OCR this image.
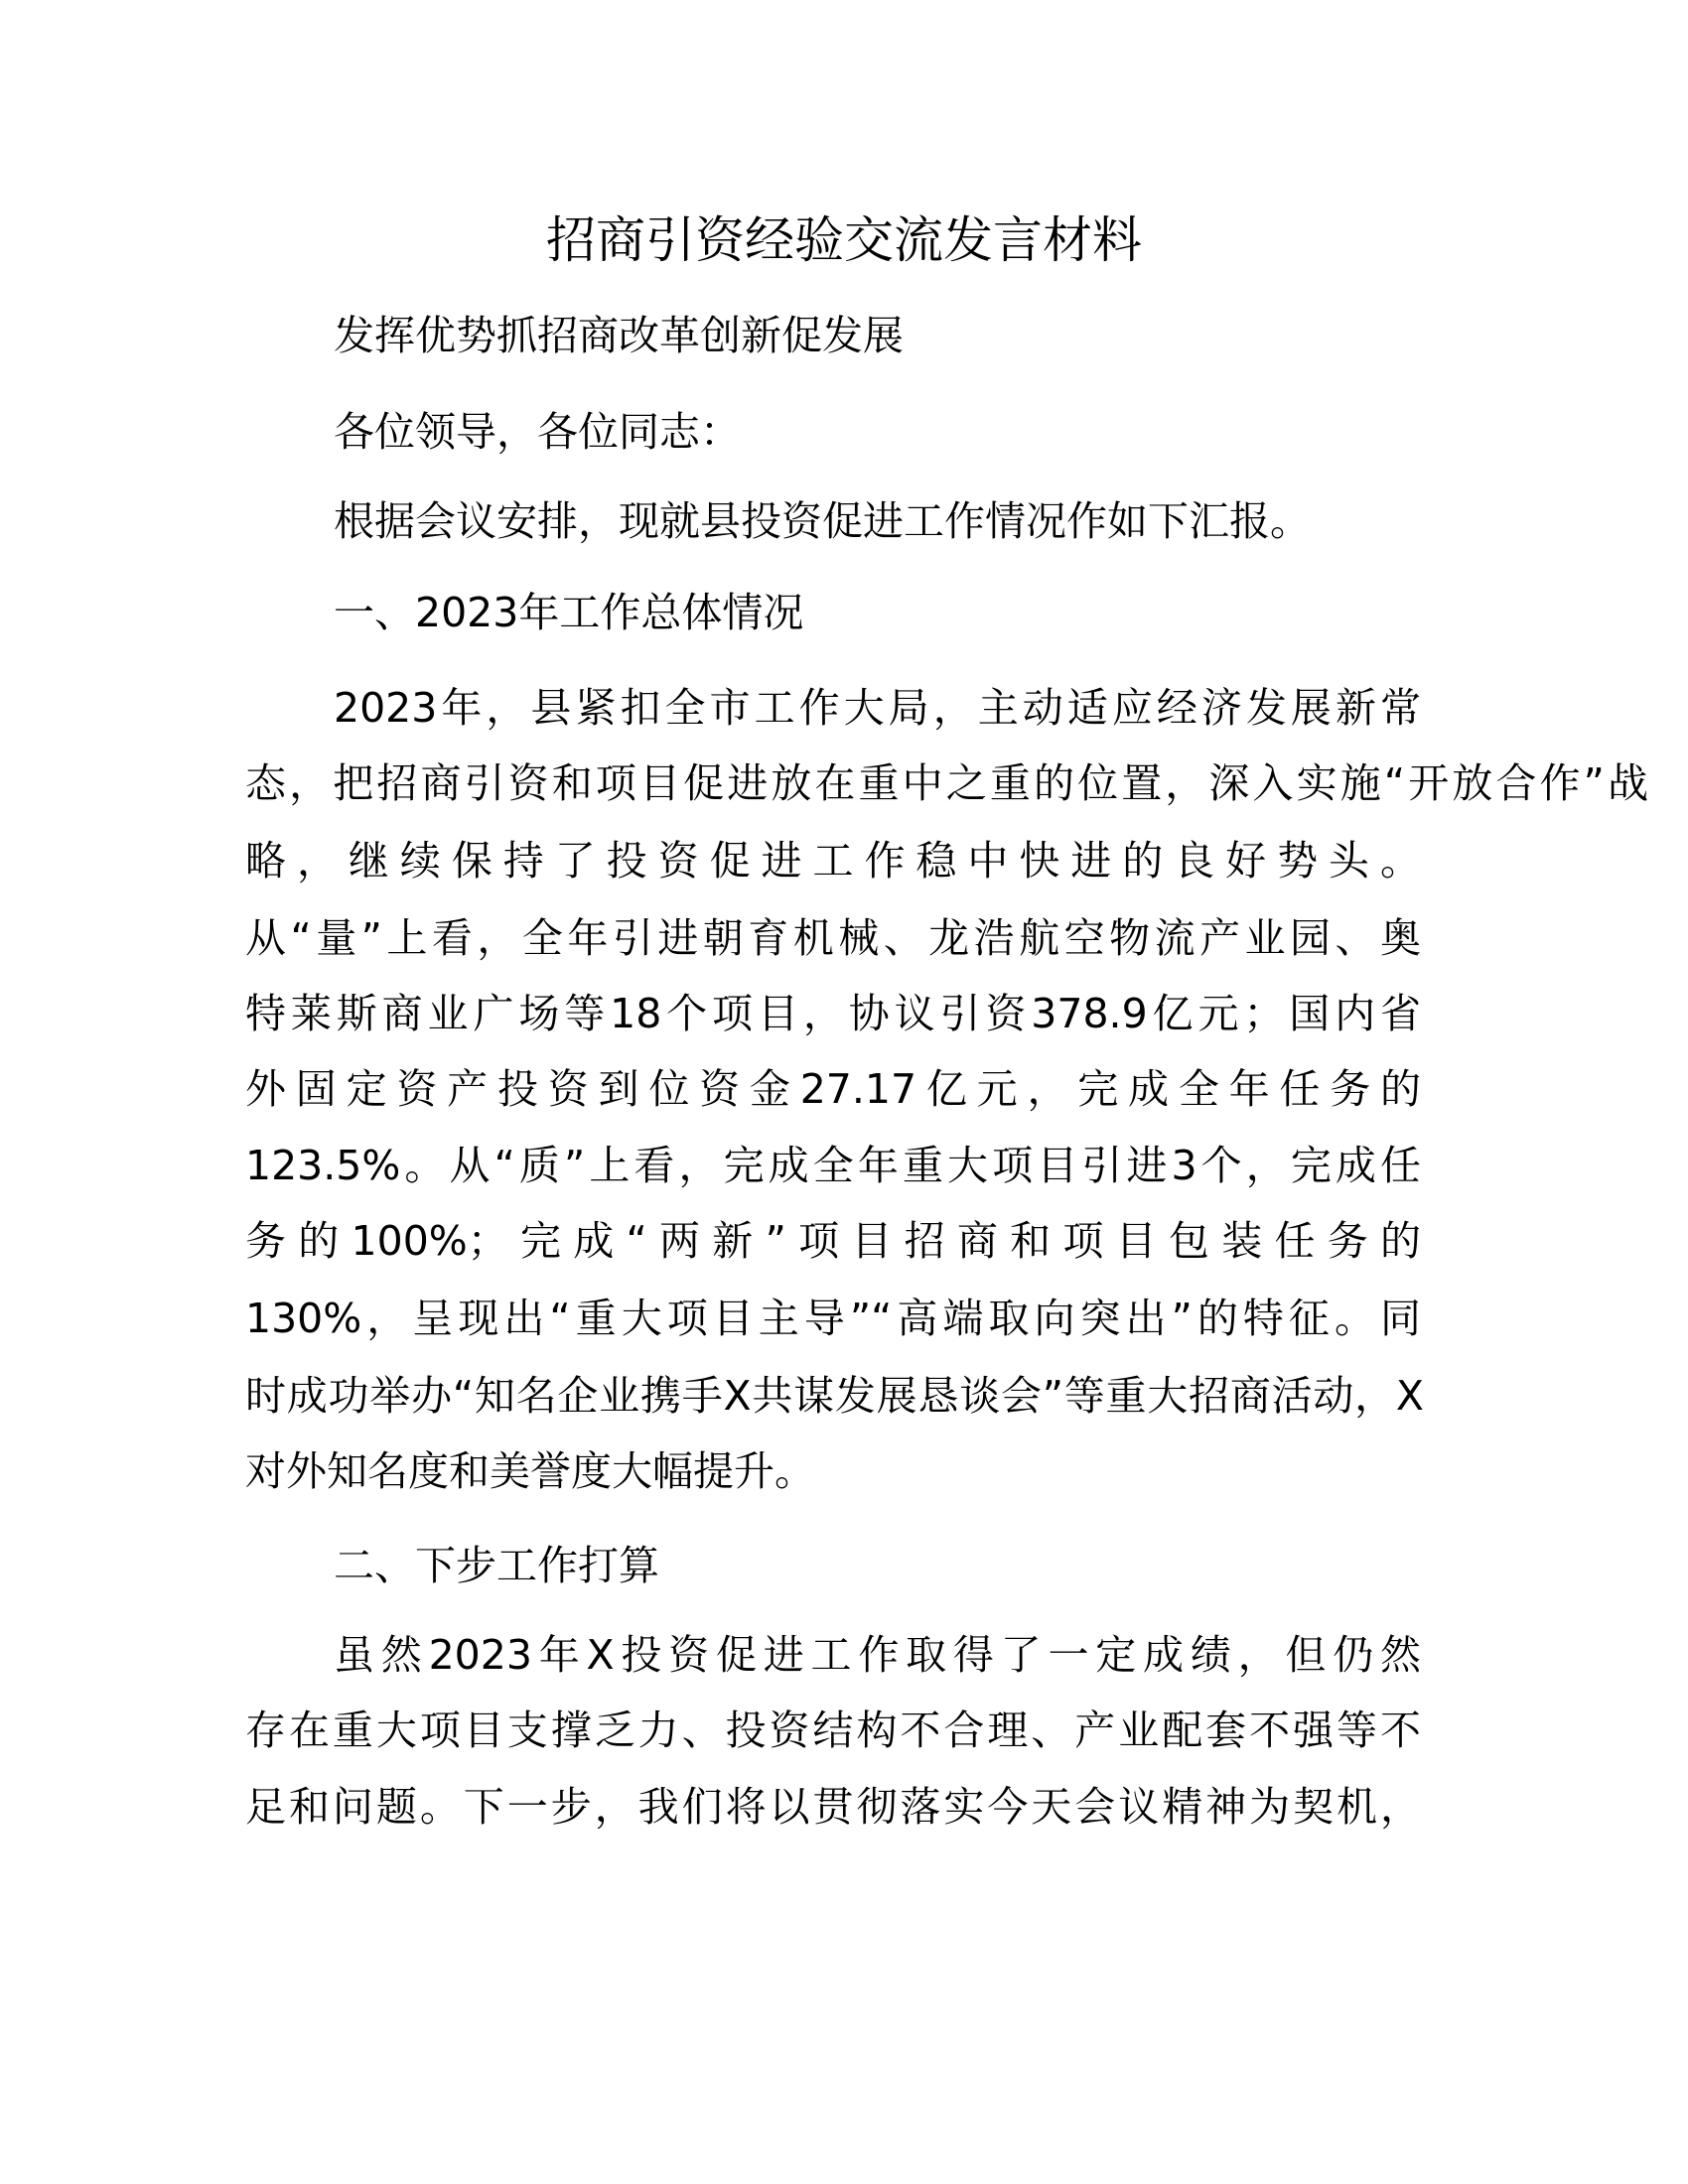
招商引资经验交流发言材料
发挥优势抓招商改革创新促发展
各位领导，各位同志：
根据会议安排，现就县投资促进工作情况作如下汇报。
一、2023年工作总体情况
2023年，县紧扣全市工作大局，主动适应经济发展新常
态，把招商引资和项目促进放在重中之重的位置，深入实施“开放合作”战
略，继续保持了投资促进工作稳中快进的良好势头。
从“量”上看，全年引进朝育机械、龙浩航空物流产业园、奥
特莱斯商业广场等18个项目，协议引资378.9亿元；国内省
外固定资产投资到位资金27.17亿元，完成全年任务的
123.5%。从“质”上看，完成全年重大项目引进3个，完成任
务的100%；完成“两新”项目招商和项目包装任务的
130%，呈现出“重大项目主导”“高端取向突出”的特征。同
时成功举办“知名企业携手X共谋发展恳谈会”等重大招商活动，X
对外知名度和美誉度大幅提升。
二、下步工作打算
虽然2023年X投资促进工作取得了一定成绩，但仍然
存在重大项目支撑乏力、投资结构不合理、产业配套不强等不
足和问题。下一步，我们将以贯彻落实今天会议精神为契机，
